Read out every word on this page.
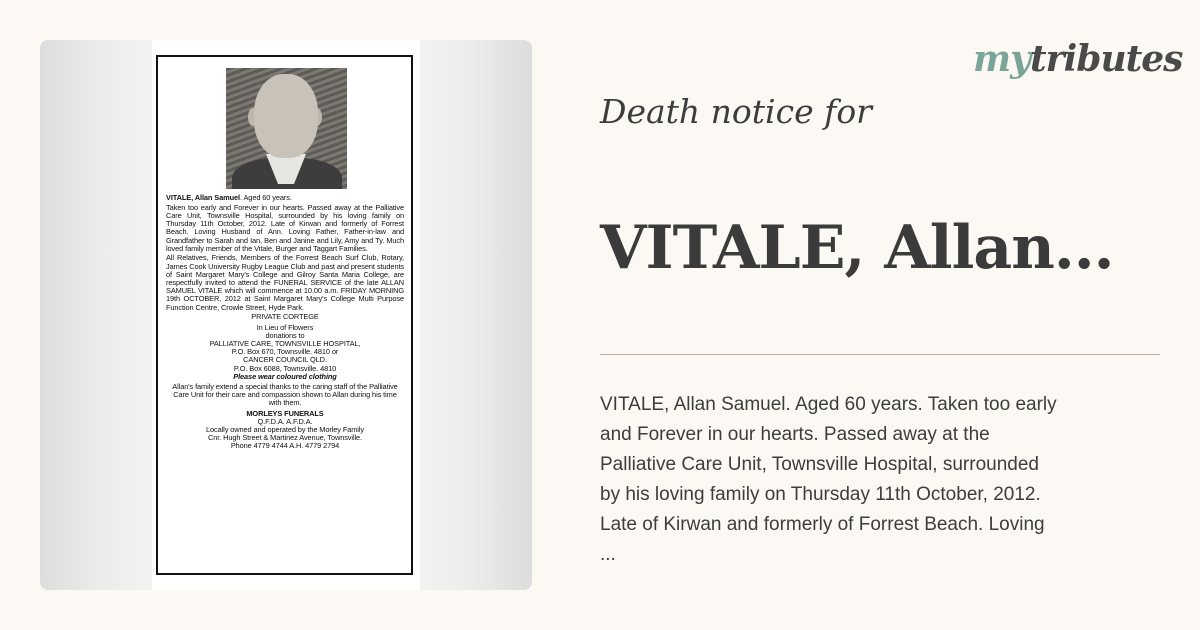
VITALE, Allan Samuel. Aged 60 years.

Taken too early and Forever in our hearts. Passed away at the Palliative Care Unit, Townsville Hospital, surrounded by his loving family on Thursday 11th October, 2012. Late of Kirwan and formerly of Forrest Beach. Loving Husband of Ann. Loving Father, Father-in-law and Grandfather to Sarah and Ian, Ben and Janine and Lily, Amy and Ty. Much loved family member of the Vitale, Burger and Taggart Families.

All Relatives, Friends, Members of the Forrest Beach Surf Club, Rotary, James Cook University Rugby League Club and past and present students of Saint Margaret Mary's College and Gilroy Santa Maria College, are respectfully invited to attend the FUNERAL SERVICE of the late ALLAN SAMUEL VITALE which will commence at 10.00 a.m. FRIDAY MORNING 19th OCTOBER, 2012 at Saint Margaret Mary's College Multi Purpose Function Centre, Crowle Street, Hyde Park.

PRIVATE CORTEGE
In Lieu of Flowers
donations to
PALLIATIVE CARE, TOWNSVILLE HOSPITAL,
P.O. Box 670, Townsville. 4810 or
CANCER COUNCIL QLD.
P.O. Box 6088, Townsville. 4810
Please wear coloured clothing

Allan's family extend a special thanks to the caring staff of the Palliative Care Unit for their care and compassion shown to Allan during his time with them.

MORLEYS FUNERALS
Q.F.D.A. A.F.D.A.
Locally owned and operated by the Morley Family
Cnr. Hugh Street & Martinez Avenue, Townsville.
Phone 4779 4744 A.H. 4779 2794
mytributes
Death notice for
VITALE, Allan...
VITALE, Allan Samuel. Aged 60 years. Taken too early
and Forever in our hearts. Passed away at the
Palliative Care Unit, Townsville Hospital, surrounded
by his loving family on Thursday 11th October, 2012.
Late of Kirwan and formerly of Forrest Beach. Loving
...
